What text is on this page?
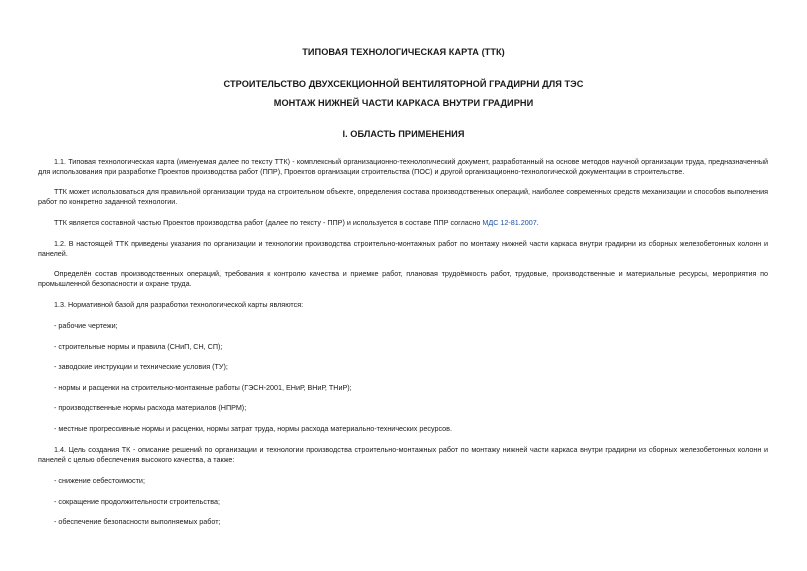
ТИПОВАЯ ТЕХНОЛОГИЧЕСКАЯ КАРТА (ТТК)
СТРОИТЕЛЬСТВО ДВУХСЕКЦИОННОЙ ВЕНТИЛЯТОРНОЙ ГРАДИРНИ ДЛЯ ТЭС
МОНТАЖ НИЖНЕЙ ЧАСТИ КАРКАСА ВНУТРИ ГРАДИРНИ
I. ОБЛАСТЬ ПРИМЕНЕНИЯ

1.1. Типовая технологическая карта (именуемая далее по тексту ТТК) - комплексный организационно-технологический документ, разработанный на основе методов научной организации труда, предназначенный для использования при разработке Проектов производства работ (ППР), Проектов организации строительства (ПОС) и другой организационно-технологической документации в строительстве.

ТТК может использоваться для правильной организации труда на строительном объекте, определения состава производственных операций, наиболее современных средств механизации и способов выполнения работ по конкретно заданной технологии.

ТТК является составной частью Проектов производства работ (далее по тексту - ППР) и используется в составе ППР согласно МДС 12-81.2007.

1.2. В настоящей ТТК приведены указания по организации и технологии производства строительно-монтажных работ по монтажу нижней части каркаса внутри градирни из сборных железобетонных колонн и панелей.

Определён состав производственных операций, требования к контролю качества и приемке работ, плановая трудоёмкость работ, трудовые, производственные и материальные ресурсы, мероприятия по промышленной безопасности и охране труда.

1.3. Нормативной базой для разработки технологической карты являются:

- рабочие чертежи;
- строительные нормы и правила (СНиП, СН, СП);
- заводские инструкции и технические условия (ТУ);
- нормы и расценки на строительно-монтажные работы (ГЭСН-2001, ЕНиР, ВНиР, ТНиР);
- производственные нормы расхода материалов (НПРМ);
- местные прогрессивные нормы и расценки, нормы затрат труда, нормы расхода материально-технических ресурсов.

1.4. Цель создания ТК - описание решений по организации и технологии производства строительно-монтажных работ по монтажу нижней части каркаса внутри градирни из сборных железобетонных колонн и панелей с целью обеспечения высокого качества, а также:

- снижение себестоимости;
- сокращение продолжительности строительства;
- обеспечение безопасности выполняемых работ;
